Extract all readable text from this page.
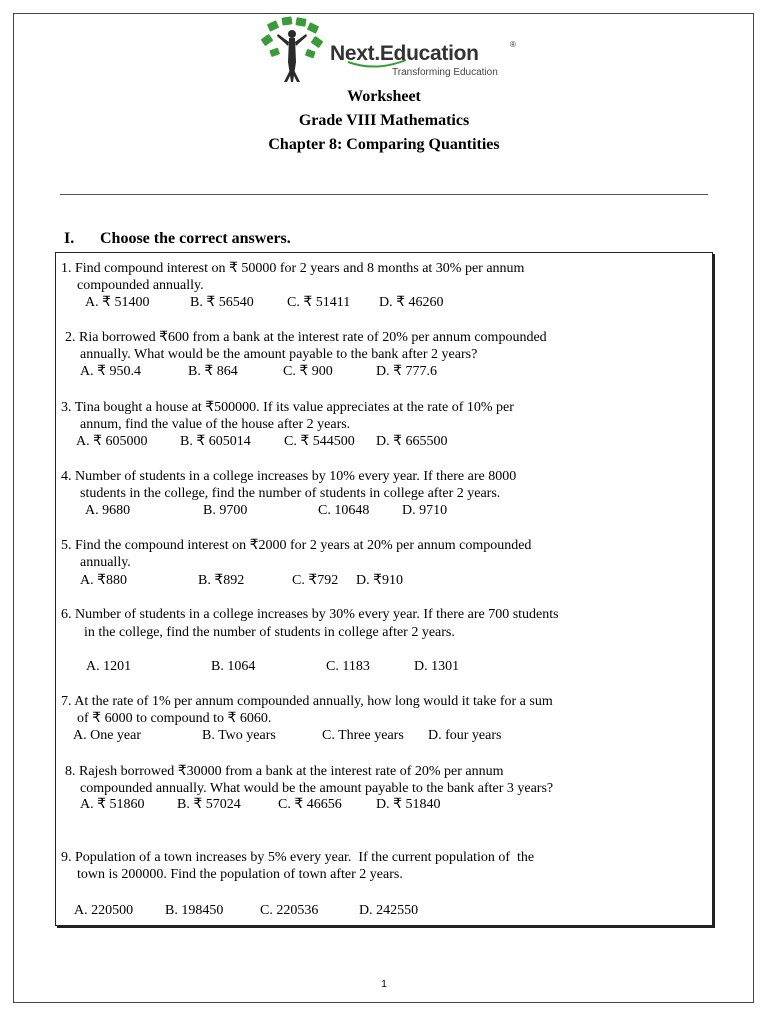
Next.Education	®
Transforming Education
Worksheet
Grade VIII Mathematics
Chapter 8: Comparing Quantities
I. Choose the correct answers.
1. Find compound interest on ₹ 50000 for 2 years and 8 months at 30% per annum
compounded annually.
A. ₹ 51400	B. ₹ 56540 C. ₹ 51411 D. ₹ 46260
2. Ria borrowed ₹600 from a bank at the interest rate of 20% per annum compounded
annually. What would be the amount payable to the bank after 2 years?
A. ₹ 950.4	B. ₹ 864	C. ₹ 900	D. ₹ 777.6
3. Tina bought a house at ₹500000. If its value appreciates at the rate of 10% per
annum, find the value of the house after 2 years.
A. ₹ 605000 B. ₹ 605014 C. ₹ 544500 D. ₹ 665500
4. Number of students in a college increases by 10% every year. If there are 8000
students in the college, find the number of students in college after 2 years.
A. 9680	B. 9700	C. 10648 D. 9710
5. Find the compound interest on ₹2000 for 2 years at 20% per annum compounded
annually.
A. ₹880	B. ₹892	C. ₹792 D. ₹910
6. Number of students in a college increases by 30% every year. If there are 700 students
in the college, find the number of students in college after 2 years.
A. 1201	B. 1064	C. 1183	D. 1301
7. At the rate of 1% per annum compounded annually, how long would it take for a sum
of ₹ 6000 to compound to ₹ 6060.
A. One year	B. Two years	C. Three years D. four years
8. Rajesh borrowed ₹30000 from a bank at the interest rate of 20% per annum
compounded annually. What would be the amount payable to the bank after 3 years?
A. ₹ 51860 B. ₹ 57024	C. ₹ 46656 D. ₹ 51840
9. Population of a town increases by 5% every year.  If the current population of  the
town is 200000. Find the population of town after 2 years.
A. 220500 B. 198450	C. 220536	D. 242550
1
